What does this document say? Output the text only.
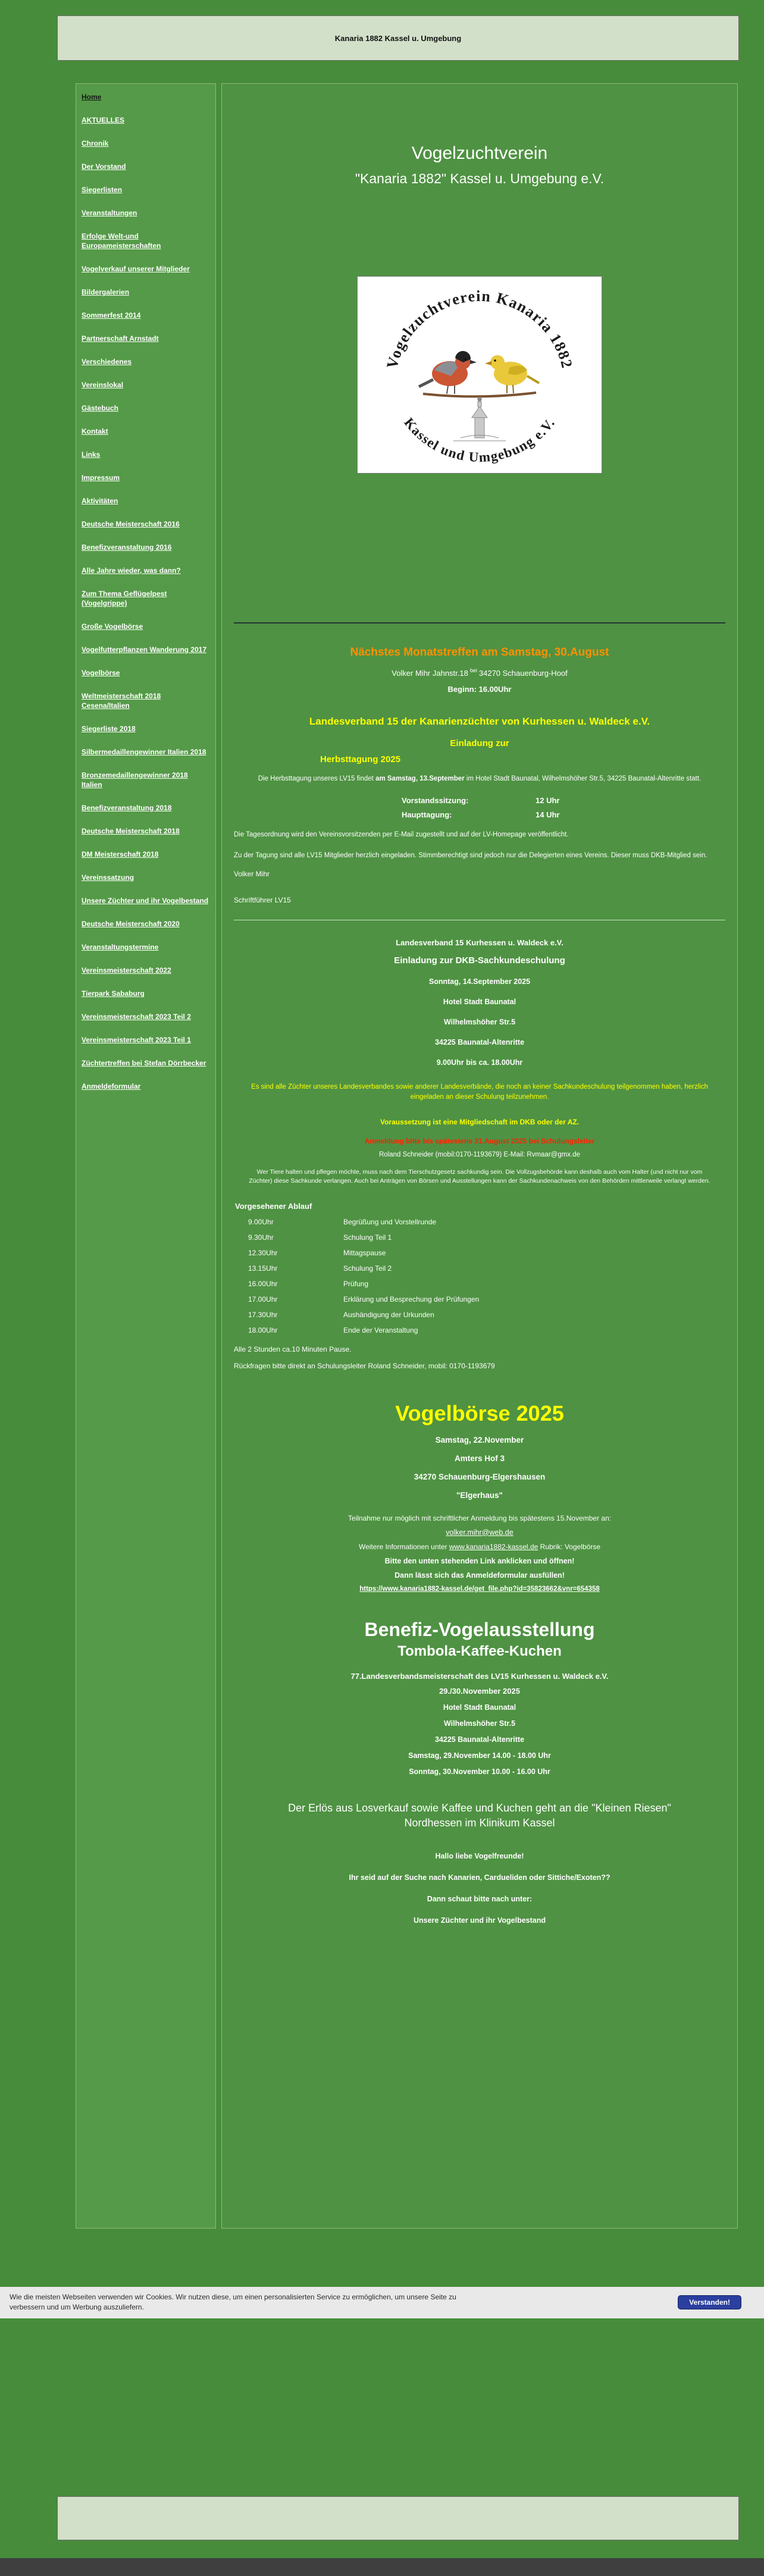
Kanaria 1882 Kassel u. Umgebung
Home
AKTUELLES
Chronik
Der Vorstand
Siegerlisten
Veranstaltungen
Erfolge Welt-und Europameisterschaften
Vogelverkauf unserer Mitglieder
Bildergalerien
Sommerfest 2014
Partnerschaft Arnstadt
Verschiedenes
Vereinslokal
Gästebuch
Kontakt
Links
Impressum
Aktivitäten
Deutsche Meisterschaft 2016
Benefizveranstaltung 2016
Alle Jahre wieder, was dann?
Zum Thema Geflügelpest (Vogelgrippe)
Große Vogelbörse
Vogelfutterpflanzen Wanderung 2017
Vogelbörse
Weltmeisterschaft 2018 Cesena/Italien
Siegerliste 2018
Silbermedaillengewinner Italien 2018
Bronzemedaillengewinner 2018 Italien
Benefizveranstaltung 2018
Deutsche Meisterschaft 2018
DM Meisterschaft 2018
Vereinssatzung
Unsere Züchter und ihr Vogelbestand
Deutsche Meisterschaft 2020
Veranstaltungstermine
Vereinsmeisterschaft 2022
Tierpark Sababurg
Vereinsmeisterschaft 2023 Teil 2
Vereinsmeisterschaft 2023 Teil 1
Züchtertreffen bei Stefan Dörrbecker
Anmeldeformular
Vogelzuchtverein
"Kanaria 1882" Kassel u. Umgebung e.V.
Vogelzuchtverein Kanaria 1882
Kassel und Umgebung e.V.
Nächstes Monatstreffen am Samstag, 30.August
Volker Mihr Jahnstr.18 $^{bei}$ 34270 Schauenburg-Hoof
Beginn: 16.00Uhr
Landesverband 15 der Kanarienzüchter von Kurhessen u. Waldeck e.V.
Einladung zur
Herbsttagung 2025
Die Herbsttagung unseres LV15 findet am Samstag, 13.September im Hotel Stadt Baunatal, Wilhelmshöher Str.5, 34225 Baunatal-Altenritte statt.
Vorstandssitzung:	12 Uhr
Haupttagung:	14 Uhr
Die Tagesordnung wird den Vereinsvorsitzenden per E-Mail zugestellt und auf der LV-Homepage veröffentlicht.
Zu der Tagung sind alle LV15 Mitglieder herzlich eingeladen. Stimmberechtigt sind jedoch nur die Delegierten eines Vereins. Dieser muss DKB-Mitglied sein.
Volker Mihr
Schriftführer LV15
Landesverband 15 Kurhessen u. Waldeck e.V.
Einladung zur DKB-Sachkundeschulung
Sonntag, 14.September 2025
Hotel Stadt Baunatal
Wilhelmshöher Str.5
34225 Baunatal-Altenritte
9.00Uhr bis ca. 18.00Uhr
Es sind alle Züchter unseres Landesverbandes sowie anderer Landesverbände, die noch an keiner Sachkundeschulung teilgenommen haben, herzlich eingeladen an dieser Schulung teilzunehmen.
Voraussetzung ist eine Mitgliedschaft im DKB oder der AZ.
Anmeldung bitte bis spätestens 31.August 2025 bei Schulungsleiter
Roland Schneider (mobil:0170-1193679) E-Mail: Rvmaar@gmx.de
Wer Tiere halten und pflegen möchte, muss nach dem Tierschutzgesetz sachkundig sein. Die Vollzugsbehörde kann deshalb auch vom Halter (und nicht nur vom Züchter) diese Sachkunde verlangen. Auch bei Anträgen von Börsen und Ausstellungen kann der Sachkundenachweis von den Behörden mittlerweile verlangt werden.
Vorgesehener Ablauf
9.00Uhr	Begrüßung und Vorstellrunde
9.30Uhr	Schulung Teil 1
12.30Uhr	Mittagspause
13.15Uhr	Schulung Teil 2
16.00Uhr	Prüfung
17.00Uhr	Erklärung und Besprechung der Prüfungen
17.30Uhr	Aushändigung der Urkunden
18.00Uhr	Ende der Veranstaltung
Alle 2 Stunden ca.10 Minuten Pause.
Rückfragen bitte direkt an Schulungsleiter Roland Schneider, mobil: 0170-1193679
Vogelbörse 2025
Samstag, 22.November
Amters Hof 3
34270 Schauenburg-Elgershausen
"Elgerhaus"
Teilnahme nur möglich mit schriftlicher Anmeldung bis spätestens 15.November an:
volker.mihr@web.de
Weitere Informationen unter www.kanaria1882-kassel.de Rubrik: Vogelbörse
Bitte den unten stehenden Link anklicken und öffnen!
Dann lässt sich das Anmeldeformular ausfüllen!
https://www.kanaria1882-kassel.de/get_file.php?id=35823662&vnr=654358
Benefiz-Vogelausstellung
Tombola-Kaffee-Kuchen
77.Landesverbandsmeisterschaft des LV15 Kurhessen u. Waldeck e.V.
29./30.November 2025
Hotel Stadt Baunatal
Wilhelmshöher Str.5
34225 Baunatal-Altenritte
Samstag, 29.November 14.00 - 18.00 Uhr
Sonntag, 30.November 10.00 - 16.00 Uhr
Der Erlös aus Losverkauf sowie Kaffee und Kuchen geht an die "Kleinen Riesen" Nordhessen im Klinikum Kassel
Hallo liebe Vogelfreunde!
Ihr seid auf der Suche nach Kanarien, Cardueliden oder Sittiche/Exoten??
Dann schaut bitte nach unter:
Unsere Züchter und ihr Vogelbestand
Wie die meisten Webseiten verwenden wir Cookies. Wir nutzen diese, um einen personalisierten Service zu ermöglichen, um unsere Seite zu verbessern und um Werbung auszuliefern.
Verstanden!
